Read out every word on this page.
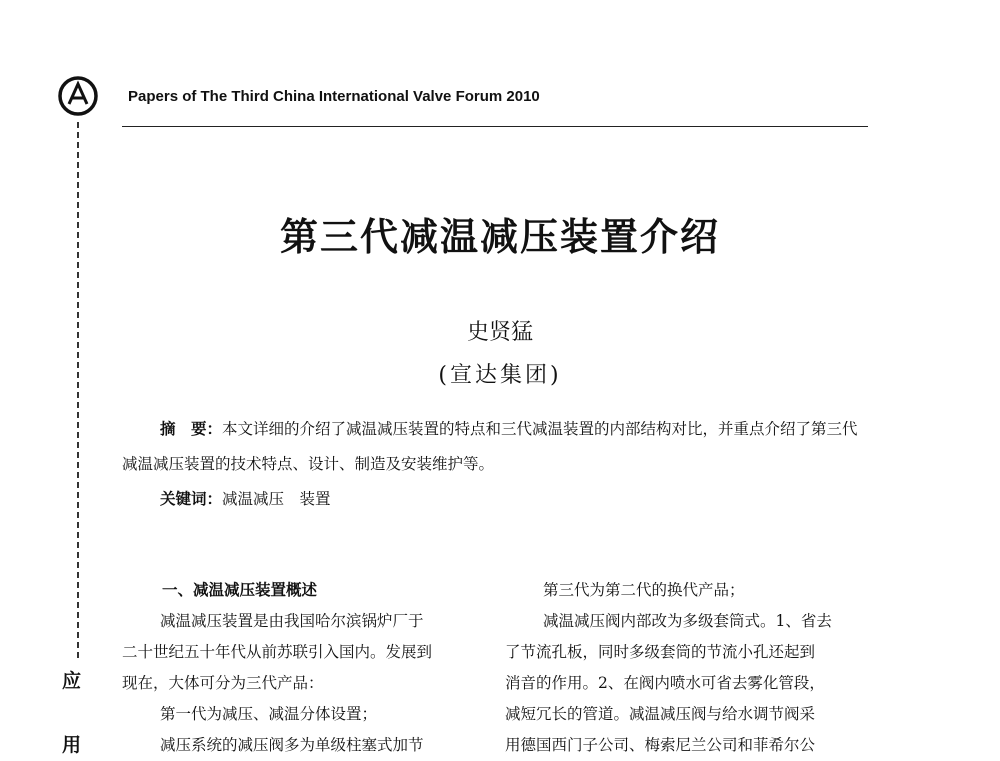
Papers of The Third China International Valve Forum 2010
应
用
第三代减温减压装置介绍
史贤猛
(宣达集团)
摘　要：本文详细的介绍了减温减压装置的特点和三代减温装置的内部结构对比，并重点介绍了第三代减温减压装置的技术特点、设计、制造及安装维护等。
关键词：减温减压　装置

一、减温减压装置概述

减温减压装置是由我国哈尔滨锅炉厂于

二十世纪五十年代从前苏联引入国内。发展到

现在，大体可分为三代产品：

第一代为减压、减温分体设置；

减压系统的减压阀多为单级柱塞式加节

第三代为第二代的换代产品；

减温减压阀内部改为多级套筒式。1、省去

了节流孔板，同时多级套筒的节流小孔还起到

消音的作用。2、在阀内喷水可省去雾化管段，

减短冗长的管道。减温减压阀与给水调节阀采

用德国西门子公司、梅索尼兰公司和菲希尔公
